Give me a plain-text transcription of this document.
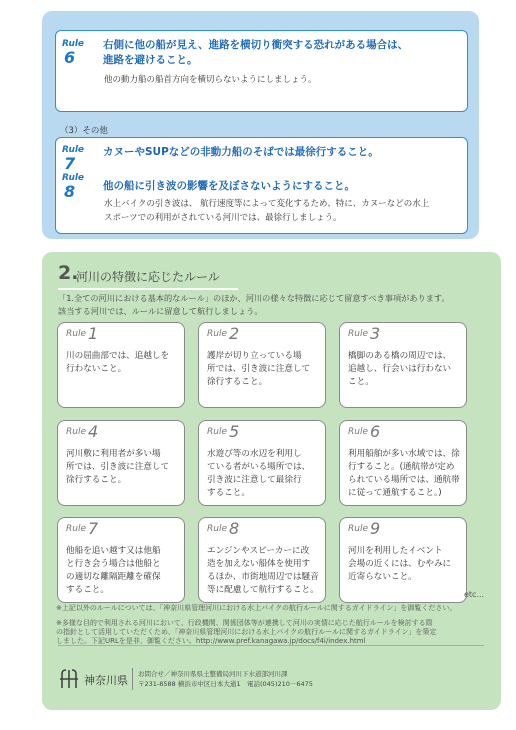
Rule
6
右側に他の船が見え、進路を横切り衝突する恐れがある場合は、
進路を避けること。
他の動力船の船首方向を横切らないようにしましょう。
（3）その他
Rule
7
カヌーやSUPなどの非動力船のそばでは最徐行すること。
Rule
8	他の船に引き波の影響を及ぼさないようにすること。
水上バイクの引き波は、 航行速度等によって変化するため、特に、カヌーなどの水上
スポーツでの利用がされている河川では、最徐行しましょう。
2.
河川の特徴に応じたルール
「1.全ての河川における基本的なルール」のほか、河川の様々な特徴に応じて留意すべき事項があります。
該当する河川では、ルールに留意して航行しましょう。
Rule 1
川の屈曲部では、追越しを
行わないこと。
Rule 2
護岸が切り立っている場
所では、引き波に注意して
徐行すること。
Rule 3
橋脚のある橋の周辺では、
追越し、行会いは行わない
こと。
Rule 4
河川敷に利用者が多い場
所では、引き波に注意して
徐行すること。
Rule 5
水遊び等の水辺を利用し
ている者がいる場所では、
引き波に注意して最徐行
すること。
Rule 6
利用船舶が多い水域では、徐
行すること。(通航帯が定め
られている場所では、通航帯
に従って通航すること。)
Rule 7
他船を追い越す又は他船
と行き会う場合は他船と
の適切な離隔距離を確保
すること。
Rule 8
エンジンやスピーカーに改
造を加えない船体を使用す
るほか、市街地周辺では騒音
等に配慮して航行すること。
Rule 9
河川を利用したイベント
会場の近くには、むやみに
近寄らないこと。
etc...
※上記以外のルールについては、「神奈川県管理河川における水上バイクの航行ルールに関するガイドライン」を御覧ください。
※多様な目的で利用される河川において、行政機関、関係団体等が連携して河川の実情に応じた航行ルールを検討する際
の指針として活用していただくため、「神奈川県管理河川における水上バイクの航行ルールに関するガイドライン」を策定
しました。下記URLを是非、御覧ください。http://www.pref.kanagawa.jp/docs/f4i/index.html
神奈川県 お問合せ／神奈川県県土整備局河川下水道部河川課
〒231-8588 横浜市中区日本大通1　電話(045)210－6475
